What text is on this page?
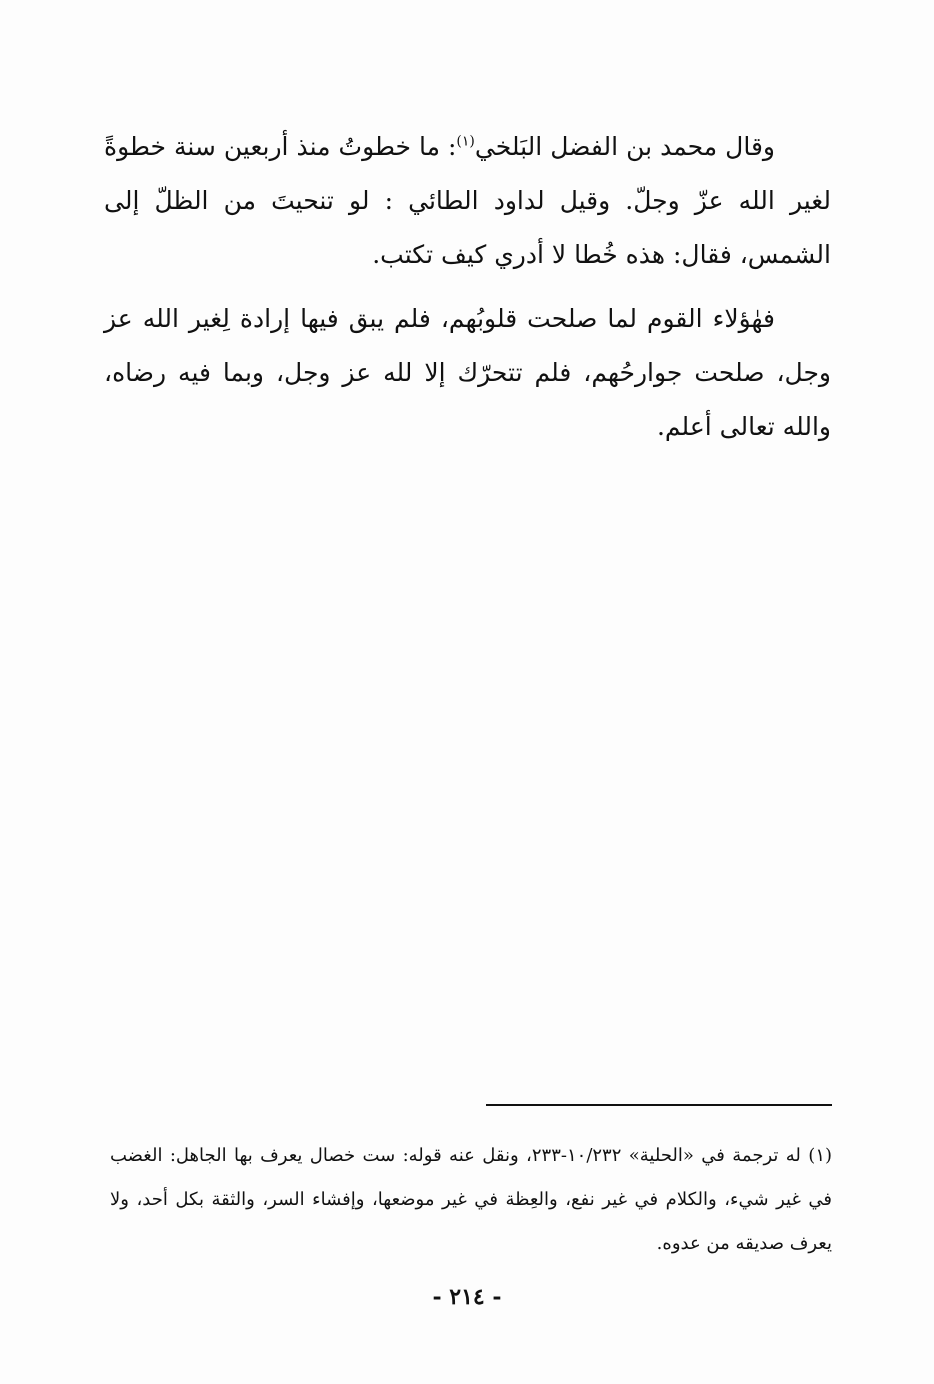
وقال محمد بن الفضل البَلخي$^{(١)}$: ما خطوتُ منذ أربعين سنة خطوةً لغير الله عزّ وجلّ. وقيل لداود الطائي : لو تنحيتَ من الظلّ إلى الشمس، فقال: هذه خُطا لا أدري كيف تكتب.

فهٰؤلاء القوم لما صلحت قلوبُهم، فلم يبق فيها إرادة لِغير الله عز وجل، صلحت جوارحُهم، فلم تتحرّك إلا لله عز وجل، وبما فيه رضاه، والله تعالى أعلم.

(١) له ترجمة في «الحلية» ١٠/٢٣٢-٢٣٣، ونقل عنه قوله: ست خصال يعرف بها الجاهل: الغضب في غير شيء، والكلام في غير نفع، والعِظة في غير موضعها، وإفشاء السر، والثقة بكل أحد، ولا يعرف صديقه من عدوه.

- ٢١٤ -
